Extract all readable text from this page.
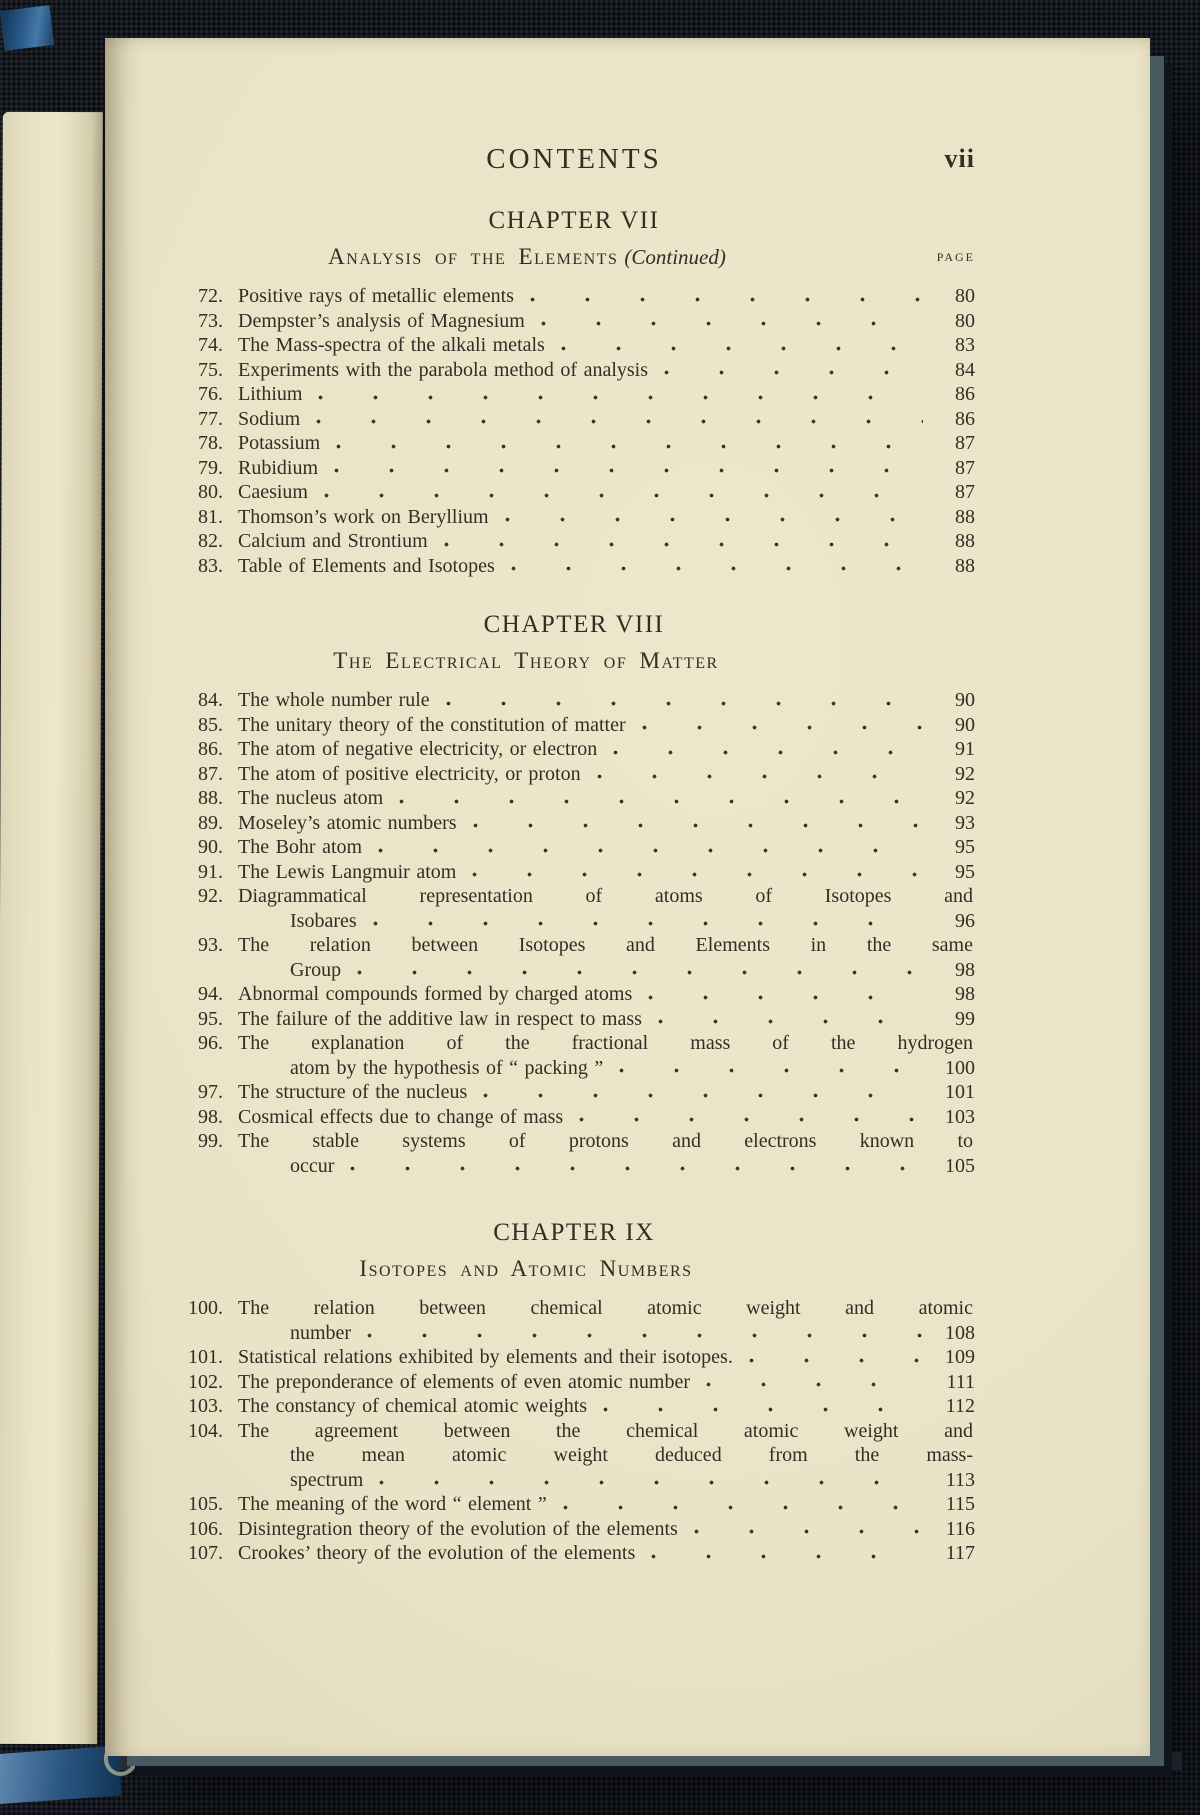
CONTENTS	vii
CHAPTER VII
Analysis of the Elements (Continued)	page
72. Positive rays of metallic elements	80
73. Dempster’s analysis of Magnesium	80
74. The Mass-spectra of the alkali metals	83
75. Experiments with the parabola method of analysis	84
76. Lithium	86
77. Sodium	86
78. Potassium	87
79. Rubidium	87
80. Caesium	87
81. Thomson’s work on Beryllium	88
82. Calcium and Strontium	88
83. Table of Elements and Isotopes	88
CHAPTER VIII
The Electrical Theory of Matter
84. The whole number rule	90
85. The unitary theory of the constitution of matter	90
86. The atom of negative electricity, or electron	91
87. The atom of positive electricity, or proton	92
88. The nucleus atom	92
89. Moseley’s atomic numbers	93
90. The Bohr atom	95
91. The Lewis Langmuir atom	95
92. Diagrammatical representation of atoms of Isotopes and
Isobares	96
93. The relation between Isotopes and Elements in the same
Group	98
94. Abnormal compounds formed by charged atoms	98
95. The failure of the additive law in respect to mass	99
96. The explanation of the fractional mass of the hydrogen
atom by the hypothesis of “ packing ”	100
97. The structure of the nucleus	101
98. Cosmical effects due to change of mass	103
99. The stable systems of protons and electrons known to
occur	105
CHAPTER IX
Isotopes and Atomic Numbers
100. The relation between chemical atomic weight and atomic
number	108
101. Statistical relations exhibited by elements and their isotopes.	109
102. The preponderance of elements of even atomic number	111
103. The constancy of chemical atomic weights	112
104. The agreement between the chemical atomic weight and
the mean atomic weight deduced from the mass-
spectrum	113
105. The meaning of the word “ element ”	115
106. Disintegration theory of the evolution of the elements	116
107. Crookes’ theory of the evolution of the elements	117
